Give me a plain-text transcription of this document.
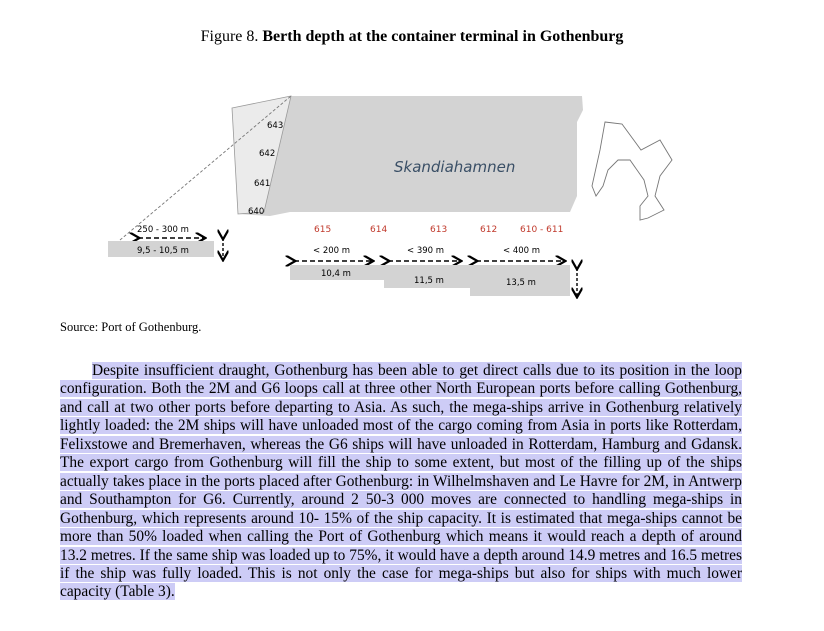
Figure 8. Berth depth at the container terminal in Gothenburg
643
642
641
640
Skandiahamnen
615	614	613	612	610 - 611
250 - 300 m
9,5 - 10,5 m	< 200 m	< 390 m	< 400 m
10,4 m
11,5 m	13,5 m
Source: Port of Gothenburg.

Despite insufficient draught, Gothenburg has been able to get direct calls due to its position in the loop configuration. Both the 2M and G6 loops call at three other North European ports before calling Gothenburg, and call at two other ports before departing to Asia. As such, the mega-ships arrive in Gothenburg relatively lightly loaded: the 2M ships will have unloaded most of the cargo coming from Asia in ports like Rotterdam, Felixstowe and Bremerhaven, whereas the G6 ships will have unloaded in Rotterdam, Hamburg and Gdansk. The export cargo from Gothenburg will fill the ship to some extent, but most of the filling up of the ships actually takes place in the ports placed after Gothenburg: in Wilhelmshaven and Le Havre for 2M, in Antwerp and Southampton for G6. Currently, around 2 50-3 000 moves are connected to handling mega-ships in Gothenburg, which represents around 10- 15% of the ship capacity. It is estimated that mega-ships cannot be more than 50% loaded when calling the Port of Gothenburg which means it would reach a depth of around 13.2 metres. If the same ship was loaded up to 75%, it would have a depth around 14.9 metres and 16.5 metres if the ship was fully loaded. This is not only the case for mega-ships but also for ships with much lower capacity (Table 3).
